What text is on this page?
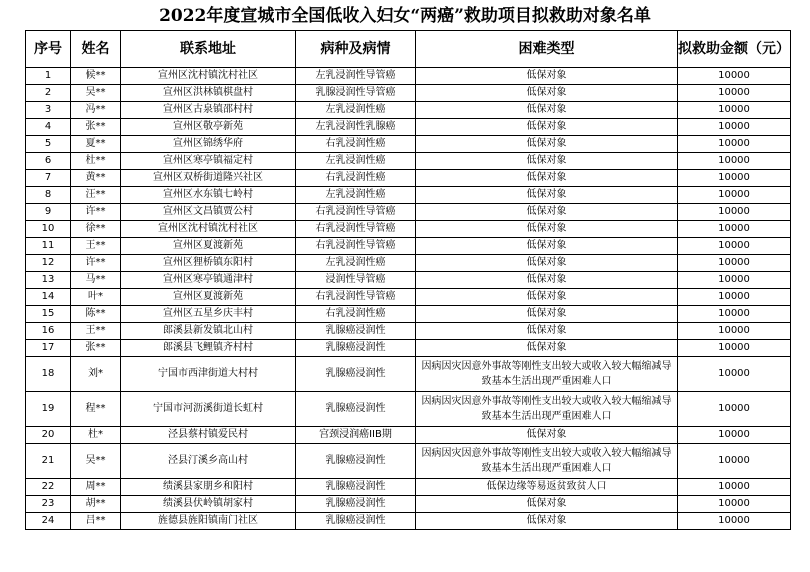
2022年度宣城市全国低收入妇女“两癌”救助项目拟救助对象名单
序号	姓名	联系地址	病种及病情	困难类型	拟救助金额（元）
1	候**	宣州区沈村镇沈村社区	左乳浸润性导管癌	低保对象	10000
2	吴**	宣州区洪林镇棋盘村	乳腺浸润性导管癌	低保对象	10000
3	冯**	宣州区古泉镇邵村村	左乳浸润性癌	低保对象	10000
4	张**	宣州区敬亭新苑	左乳浸润性乳腺癌	低保对象	10000
5	夏**	宣州区锦绣华府	右乳浸润性癌	低保对象	10000
6	杜**	宣州区寒亭镇福定村	左乳浸润性癌	低保对象	10000
7	黄**	宣州区双桥街道隆兴社区	右乳浸润性癌	低保对象	10000
8	汪**	宣州区水东镇七岭村	左乳浸润性癌	低保对象	10000
9	许**	宣州区文昌镇贾公村	右乳浸润性导管癌	低保对象	10000
10	徐**	宣州区沈村镇沈村社区	右乳浸润性导管癌	低保对象	10000
11	王**	宣州区夏渡新苑	右乳浸润性导管癌	低保对象	10000
12	许**	宣州区狸桥镇东阳村	左乳浸润性癌	低保对象	10000
13	马**	宣州区寒亭镇通津村	浸润性导管癌	低保对象	10000
14	叶*	宣州区夏渡新苑	右乳浸润性导管癌	低保对象	10000
15	陈**	宣州区五星乡庆丰村	右乳浸润性癌	低保对象	10000
16	王**	郎溪县新发镇北山村	乳腺癌浸润性	低保对象	10000
17	张**	郎溪县飞鲤镇齐村村	乳腺癌浸润性	低保对象	10000
18	刘*	宁国市西津街道大村村	乳腺癌浸润性	因病因灾因意外事故等刚性支出较大或收入较大幅缩减导致基本生活出现严重困难人口	10000
19	程**	宁国市河沥溪街道长虹村	乳腺癌浸润性	因病因灾因意外事故等刚性支出较大或收入较大幅缩减导致基本生活出现严重困难人口	10000
20	杜*	泾县蔡村镇爱民村	宫颈浸润癌IIB期	低保对象	10000
21	吴**	泾县汀溪乡高山村	乳腺癌浸润性	因病因灾因意外事故等刚性支出较大或收入较大幅缩减导致基本生活出现严重困难人口	10000
22	周**	绩溪县家朋乡和阳村	乳腺癌浸润性	低保边缘等易返贫致贫人口	10000
23	胡**	绩溪县伏岭镇胡家村	乳腺癌浸润性	低保对象	10000
24	吕**	旌德县旌阳镇南门社区	乳腺癌浸润性	低保对象	10000
